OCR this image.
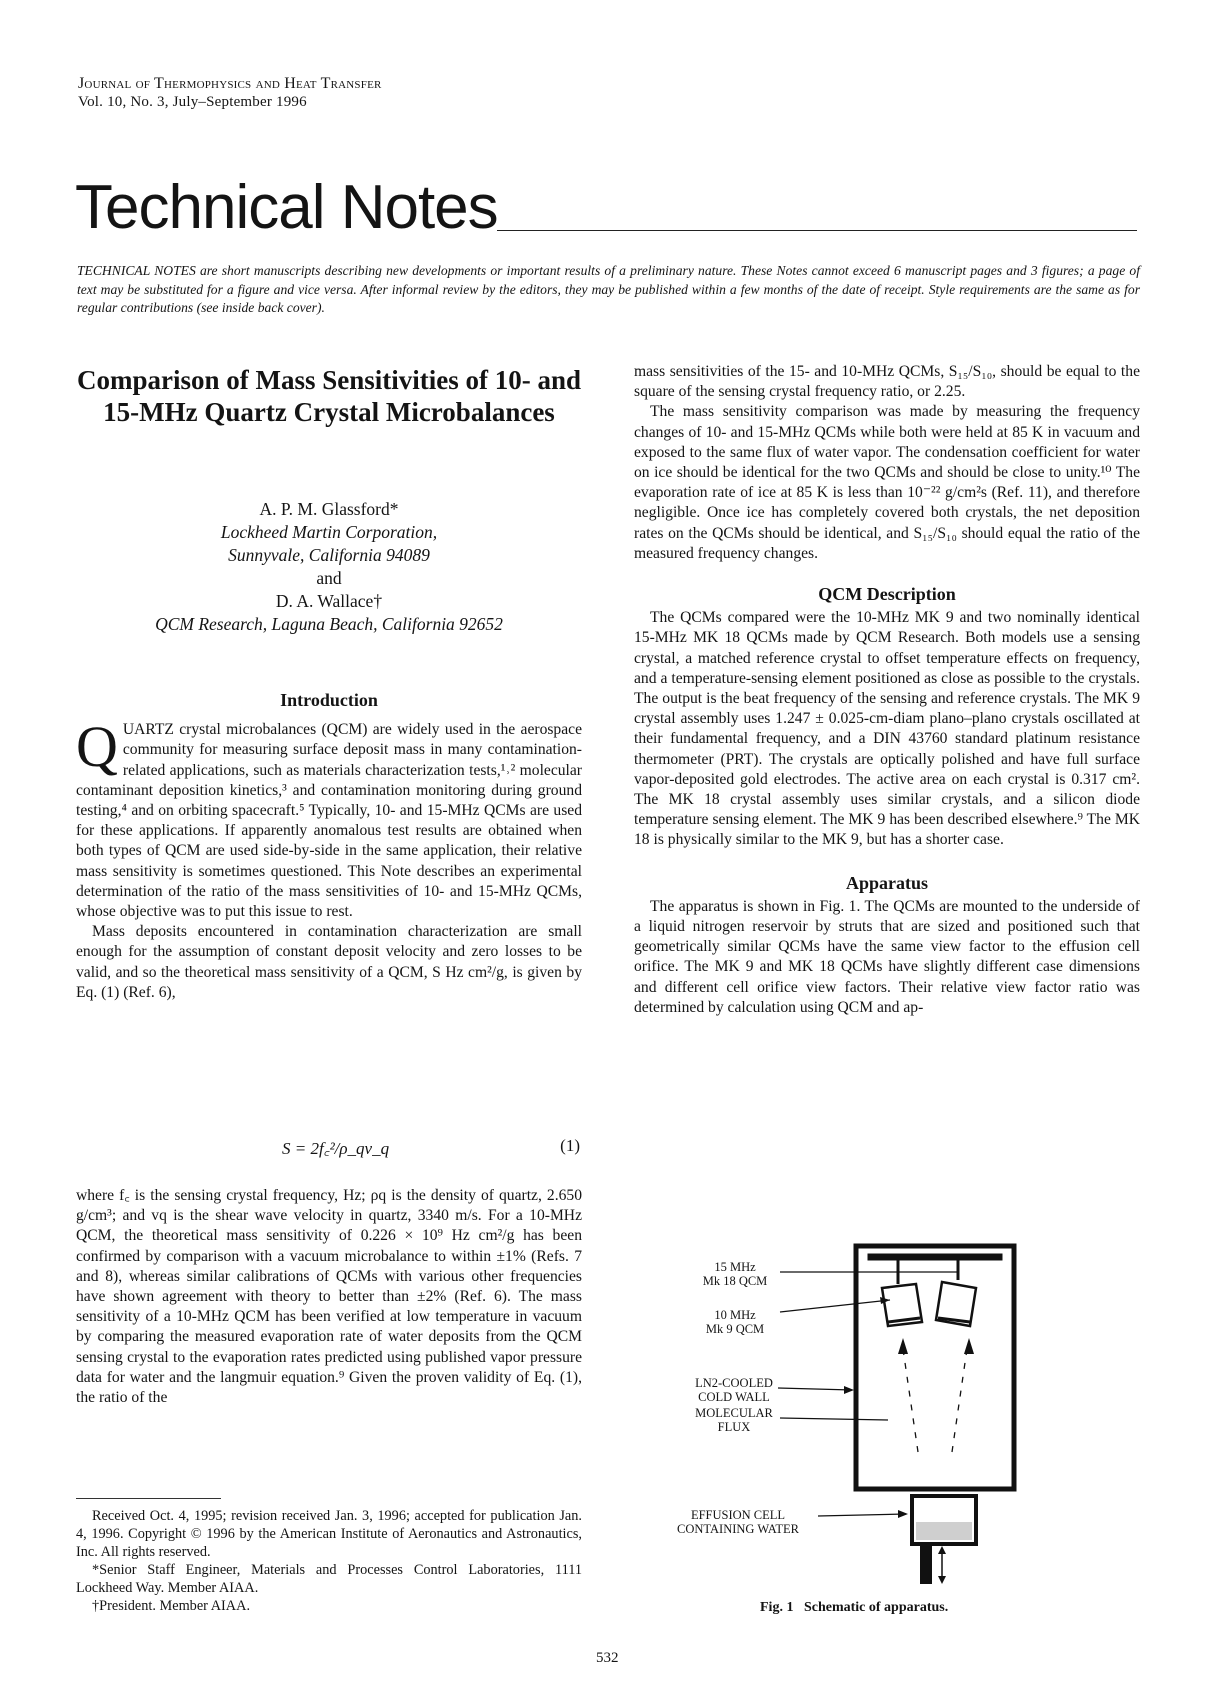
Journal of Thermophysics and Heat Transfer
Vol. 10, No. 3, July–September 1996
Technical Notes
TECHNICAL NOTES are short manuscripts describing new developments or important results of a preliminary nature. These Notes cannot exceed 6 manuscript pages and 3 figures; a page of text may be substituted for a figure and vice versa. After informal review by the editors, they may be published within a few months of the date of receipt. Style requirements are the same as for regular contributions (see inside back cover).
Comparison of Mass Sensitivities of 10- and 15-MHz Quartz Crystal Microbalances
A. P. M. Glassford*
Lockheed Martin Corporation,
Sunnyvale, California 94089
and
D. A. Wallace†
QCM Research, Laguna Beach, California 92652
Introduction

QUARTZ crystal microbalances (QCM) are widely used in the aerospace community for measuring surface deposit mass in many contamination-related applications, such as materials characterization tests,¹˒² molecular contaminant deposition kinetics,³ and contamination monitoring during ground testing,⁴ and on orbiting spacecraft.⁵ Typically, 10- and 15-MHz QCMs are used for these applications. If apparently anomalous test results are obtained when both types of QCM are used side-by-side in the same application, their relative mass sensitivity is sometimes questioned. This Note describes an experimental determination of the ratio of the mass sensitivities of 10- and 15-MHz QCMs, whose objective was to put this issue to rest.

Mass deposits encountered in contamination characterization are small enough for the assumption of constant deposit velocity and zero losses to be valid, and so the theoretical mass sensitivity of a QCM, S Hz cm²/g, is given by Eq. (1) (Ref. 6),

S = 2f꜀²/ρ_qv_q	(1)

where f꜀ is the sensing crystal frequency, Hz; ρq is the density of quartz, 2.650 g/cm³; and vq is the shear wave velocity in quartz, 3340 m/s. For a 10-MHz QCM, the theoretical mass sensitivity of 0.226 × 10⁹ Hz cm²/g has been confirmed by comparison with a vacuum microbalance to within ±1% (Refs. 7 and 8), whereas similar calibrations of QCMs with various other frequencies have shown agreement with theory to better than ±2% (Ref. 6). The mass sensitivity of a 10-MHz QCM has been verified at low temperature in vacuum by comparing the measured evaporation rate of water deposits from the QCM sensing crystal to the evaporation rates predicted using published vapor pressure data for water and the langmuir equation.⁹ Given the proven validity of Eq. (1), the ratio of the

Received Oct. 4, 1995; revision received Jan. 3, 1996; accepted for publication Jan. 4, 1996. Copyright © 1996 by the American Institute of Aeronautics and Astronautics, Inc. All rights reserved.

*Senior Staff Engineer, Materials and Processes Control Laboratories, 1111 Lockheed Way. Member AIAA.

†President. Member AIAA.

mass sensitivities of the 15- and 10-MHz QCMs, S₁₅/S₁₀, should be equal to the square of the sensing crystal frequency ratio, or 2.25.

The mass sensitivity comparison was made by measuring the frequency changes of 10- and 15-MHz QCMs while both were held at 85 K in vacuum and exposed to the same flux of water vapor. The condensation coefficient for water on ice should be identical for the two QCMs and should be close to unity.¹⁰ The evaporation rate of ice at 85 K is less than 10⁻²² g/cm²s (Ref. 11), and therefore negligible. Once ice has completely covered both crystals, the net deposition rates on the QCMs should be identical, and S₁₅/S₁₀ should equal the ratio of the measured frequency changes.

QCM Description

The QCMs compared were the 10-MHz MK 9 and two nominally identical 15-MHz MK 18 QCMs made by QCM Research. Both models use a sensing crystal, a matched reference crystal to offset temperature effects on frequency, and a temperature-sensing element positioned as close as possible to the crystals. The output is the beat frequency of the sensing and reference crystals. The MK 9 crystal assembly uses 1.247 ± 0.025-cm-diam plano–plano crystals oscillated at their fundamental frequency, and a DIN 43760 standard platinum resistance thermometer (PRT). The crystals are optically polished and have full surface vapor-deposited gold electrodes. The active area on each crystal is 0.317 cm². The MK 18 crystal assembly uses similar crystals, and a silicon diode temperature sensing element. The MK 9 has been described elsewhere.⁹ The MK 18 is physically similar to the MK 9, but has a shorter case.

Apparatus

The apparatus is shown in Fig. 1. The QCMs are mounted to the underside of a liquid nitrogen reservoir by struts that are sized and positioned such that geometrically similar QCMs have the same view factor to the effusion cell orifice. The MK 9 and MK 18 QCMs have slightly different case dimensions and different cell orifice view factors. Their relative view factor ratio was determined by calculation using QCM and ap-

15 MHz
Mk 18 QCM
10 MHz
Mk 9 QCM
LN2-COOLED
COLD WALL
MOLECULAR
FLUX
EFFUSION CELL
CONTAINING WATER
Fig. 1   Schematic of apparatus.
532
